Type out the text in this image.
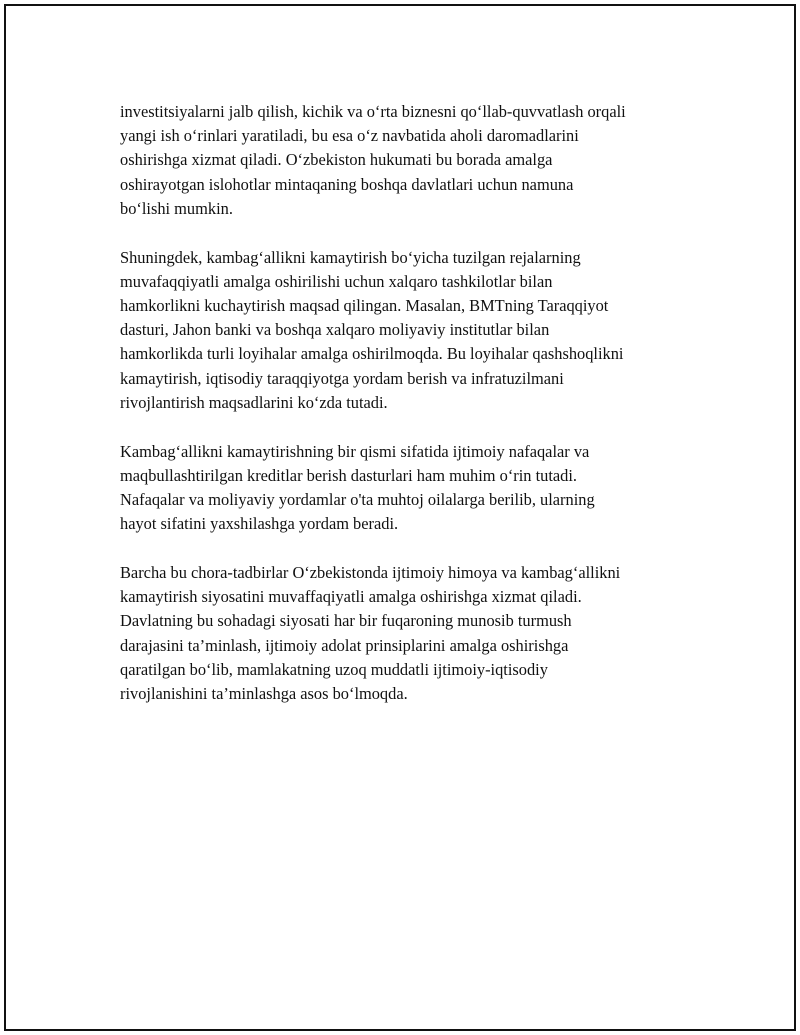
investitsiyalarni jalb qilish, kichik va o‘rta biznesni qo‘llab-quvvatlash orqali
yangi ish o‘rinlari yaratiladi, bu esa o‘z navbatida aholi daromadlarini
oshirishga xizmat qiladi. O‘zbekiston hukumati bu borada amalga
oshirayotgan islohotlar mintaqaning boshqa davlatlari uchun namuna
bo‘lishi mumkin.

Shuningdek, kambag‘allikni kamaytirish bo‘yicha tuzilgan rejalarning
muvafaqqiyatli amalga oshirilishi uchun xalqaro tashkilotlar bilan
hamkorlikni kuchaytirish maqsad qilingan. Masalan, BMTning Taraqqiyot
dasturi, Jahon banki va boshqa xalqaro moliyaviy institutlar bilan
hamkorlikda turli loyihalar amalga oshirilmoqda. Bu loyihalar qashshoqlikni
kamaytirish, iqtisodiy taraqqiyotga yordam berish va infratuzilmani
rivojlantirish maqsadlarini ko‘zda tutadi.

Kambag‘allikni kamaytirishning bir qismi sifatida ijtimoiy nafaqalar va
maqbullashtirilgan kreditlar berish dasturlari ham muhim o‘rin tutadi.
Nafaqalar va moliyaviy yordamlar o'ta muhtoj oilalarga berilib, ularning
hayot sifatini yaxshilashga yordam beradi.

Barcha bu chora-tadbirlar O‘zbekistonda ijtimoiy himoya va kambag‘allikni
kamaytirish siyosatini muvaffaqiyatli amalga oshirishga xizmat qiladi.
Davlatning bu sohadagi siyosati har bir fuqaroning munosib turmush
darajasini ta’minlash, ijtimoiy adolat prinsiplarini amalga oshirishga
qaratilgan bo‘lib, mamlakatning uzoq muddatli ijtimoiy-iqtisodiy
rivojlanishini ta’minlashga asos bo‘lmoqda.
